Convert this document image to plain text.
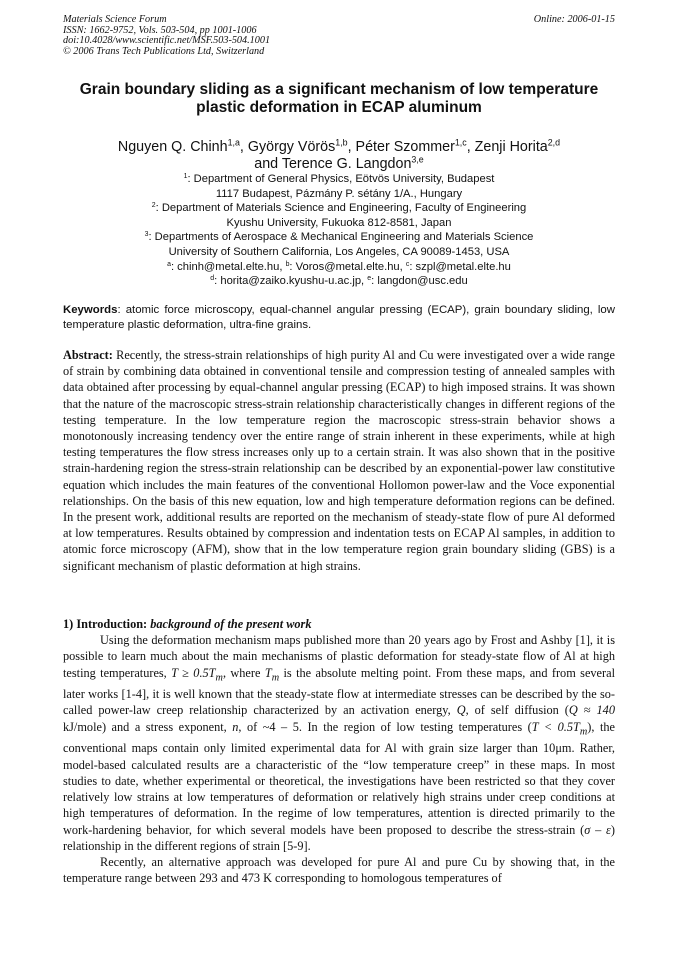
Materials Science Forum
ISSN: 1662-9752, Vols. 503-504, pp 1001-1006
doi:10.4028/www.scientific.net/MSF.503-504.1001
© 2006 Trans Tech Publications Ltd, Switzerland
Online: 2006-01-15
Grain boundary sliding as a significant mechanism of low temperature
plastic deformation in ECAP aluminum
Nguyen Q. Chinh$^{1,a}$, György Vörös$^{1,b}$, Péter Szommer$^{1,c}$, Zenji Horita$^{2,d}$
and Terence G. Langdon$^{3,e}$
$^1$: Department of General Physics, Eötvös University, Budapest
1117 Budapest, Pázmány P. sétány 1/A., Hungary
$^2$: Department of Materials Science and Engineering, Faculty of Engineering
Kyushu University, Fukuoka 812-8581, Japan
$^3$: Departments of Aerospace & Mechanical Engineering and Materials Science
University of Southern California, Los Angeles, CA 90089-1453, USA
$^a$: chinh@metal.elte.hu, $^b$: Voros@metal.elte.hu, $^c$: szpl@metal.elte.hu
$^d$: horita@zaiko.kyushu-u.ac.jp, $^e$: langdon@usc.edu
Keywords: atomic force microscopy, equal-channel angular pressing (ECAP), grain boundary sliding, low temperature plastic deformation, ultra-fine grains.
Abstract: Recently, the stress-strain relationships of high purity Al and Cu were investigated over a wide range of strain by combining data obtained in conventional tensile and compression testing of annealed samples with data obtained after processing by equal-channel angular pressing (ECAP) to high imposed strains. It was shown that the nature of the macroscopic stress-strain relationship characteristically changes in different regions of the testing temperature. In the low temperature region the macroscopic stress-strain behavior shows a monotonously increasing tendency over the entire range of strain inherent in these experiments, while at high testing temperatures the flow stress increases only up to a certain strain. It was also shown that in the positive strain-hardening region the stress-strain relationship can be described by an exponential-power law constitutive equation which includes the main features of the conventional Hollomon power-law and the Voce exponential relationships. On the basis of this new equation, low and high temperature deformation regions can be defined. In the present work, additional results are reported on the mechanism of steady-state flow of pure Al deformed at low temperatures. Results obtained by compression and indentation tests on ECAP Al samples, in addition to atomic force microscopy (AFM), show that in the low temperature region grain boundary sliding (GBS) is a significant mechanism of plastic deformation at high strains.
1) Introduction: background of the present work

Using the deformation mechanism maps published more than 20 years ago by Frost and Ashby [1], it is possible to learn much about the main mechanisms of plastic deformation for steady-state flow of Al at high testing temperatures, $T \ge 0.5T_m$, where $T_m$ is the absolute melting point. From these maps, and from several later works [1-4], it is well known that the steady-state flow at intermediate stresses can be described by the so-called power-law creep relationship characterized by an activation energy, Q, of self diffusion (Q ≈ 140 kJ/mole) and a stress exponent, n, of ~4 – 5. In the region of low testing temperatures $(T < 0.5T_m)$, the conventional maps contain only limited experimental data for Al with grain size larger than 10μm. Rather, model-based calculated results are a characteristic of the “low temperature creep” in these maps. In most studies to date, whether experimental or theoretical, the investigations have been restricted so that they cover relatively low strains at low temperatures of deformation or relatively high strains under creep conditions at high temperatures of deformation. In the regime of low temperatures, attention is directed primarily to the work-hardening behavior, for which several models have been proposed to describe the stress-strain (σ – ε) relationship in the different regions of strain [5-9].

Recently, an alternative approach was developed for pure Al and pure Cu by showing that, in the temperature range between 293 and 473 K corresponding to homologous temperatures of
